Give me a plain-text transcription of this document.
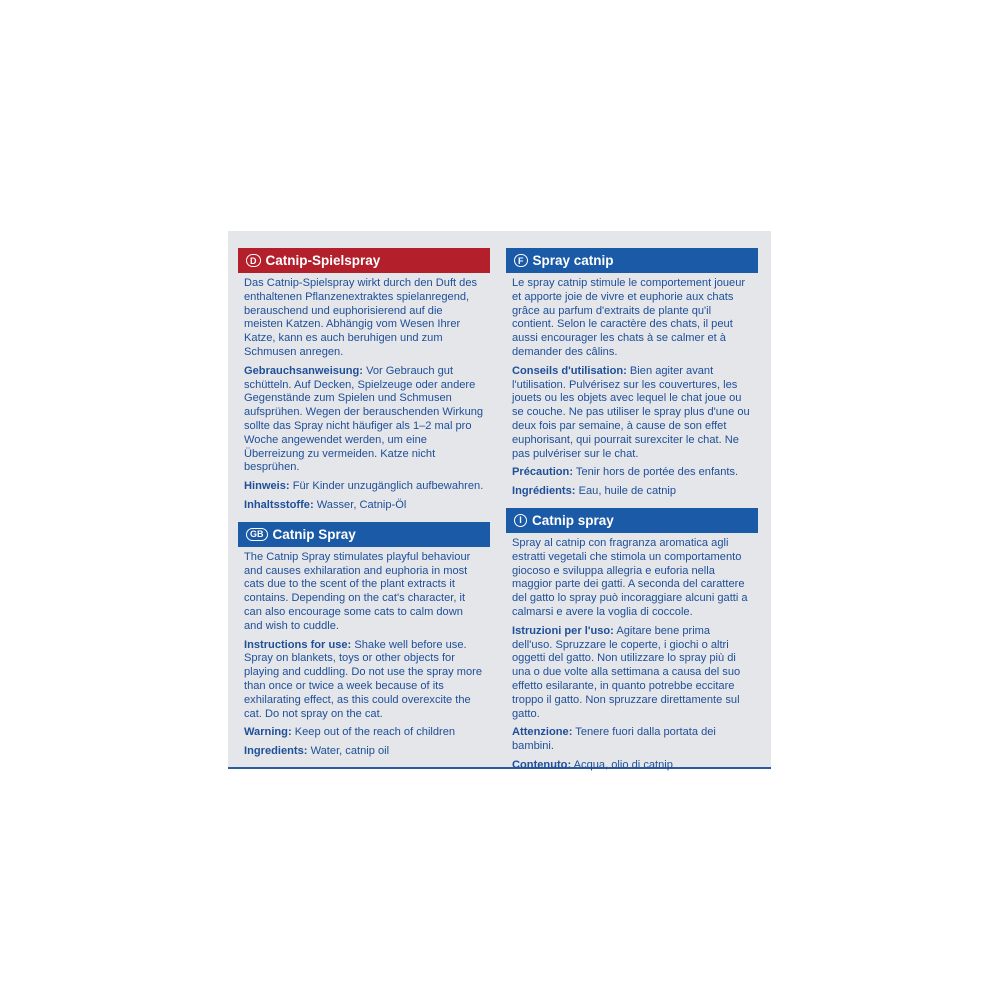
D Catnip-Spielspray

Das Catnip-Spielspray wirkt durch den Duft des enthaltenen Pflanzenextraktes spielanregend, berauschend und euphorisierend auf die meisten Katzen. Abhängig vom Wesen Ihrer Katze, kann es auch beruhigen und zum Schmusen anregen.

Gebrauchsanweisung: Vor Gebrauch gut schütteln. Auf Decken, Spielzeuge oder andere Gegenstände zum Spielen und Schmusen aufsprühen. Wegen der berauschenden Wirkung sollte das Spray nicht häufiger als 1–2 mal pro Woche angewendet werden, um eine Überreizung zu vermeiden. Katze nicht besprühen.

Hinweis: Für Kinder unzugänglich aufbewahren.

Inhaltsstoffe: Wasser, Catnip-Öl

GB Catnip Spray

The Catnip Spray stimulates playful behaviour and causes exhilaration and euphoria in most cats due to the scent of the plant extracts it contains. Depending on the cat's character, it can also encourage some cats to calm down and wish to cuddle.

Instructions for use: Shake well before use. Spray on blankets, toys or other objects for playing and cuddling. Do not use the spray more than once or twice a week because of its exhilarating effect, as this could overexcite the cat. Do not spray on the cat.

Warning: Keep out of the reach of children

Ingredients: Water, catnip oil

F Spray catnip

Le spray catnip stimule le comportement joueur et apporte joie de vivre et euphorie aux chats grâce au parfum d'extraits de plante qu'il contient. Selon le caractère des chats, il peut aussi encourager les chats à se calmer et à demander des câlins.

Conseils d'utilisation: Bien agiter avant l'utilisation. Pulvérisez sur les couvertures, les jouets ou les objets avec lequel le chat joue ou se couche. Ne pas utiliser le spray plus d'une ou deux fois par semaine, à cause de son effet euphorisant, qui pourrait surexciter le chat. Ne pas pulvériser sur le chat.

Précaution: Tenir hors de portée des enfants.

Ingrédients: Eau, huile de catnip

I Catnip spray

Spray al catnip con fragranza aromatica agli estratti vegetali che stimola un comportamento giocoso e sviluppa allegria e euforia nella maggior parte dei gatti. A seconda del carattere del gatto lo spray può incoraggiare alcuni gatti a calmarsi e avere la voglia di coccole.

Istruzioni per l'uso: Agitare bene prima dell'uso. Spruzzare le coperte, i giochi o altri oggetti del gatto. Non utilizzare lo spray più di una o due volte alla settimana a causa del suo effetto esilarante, in quanto potrebbe eccitare troppo il gatto. Non spruzzare direttamente sul gatto.

Attenzione: Tenere fuori dalla portata dei bambini.

Contenuto: Acqua, olio di catnip
